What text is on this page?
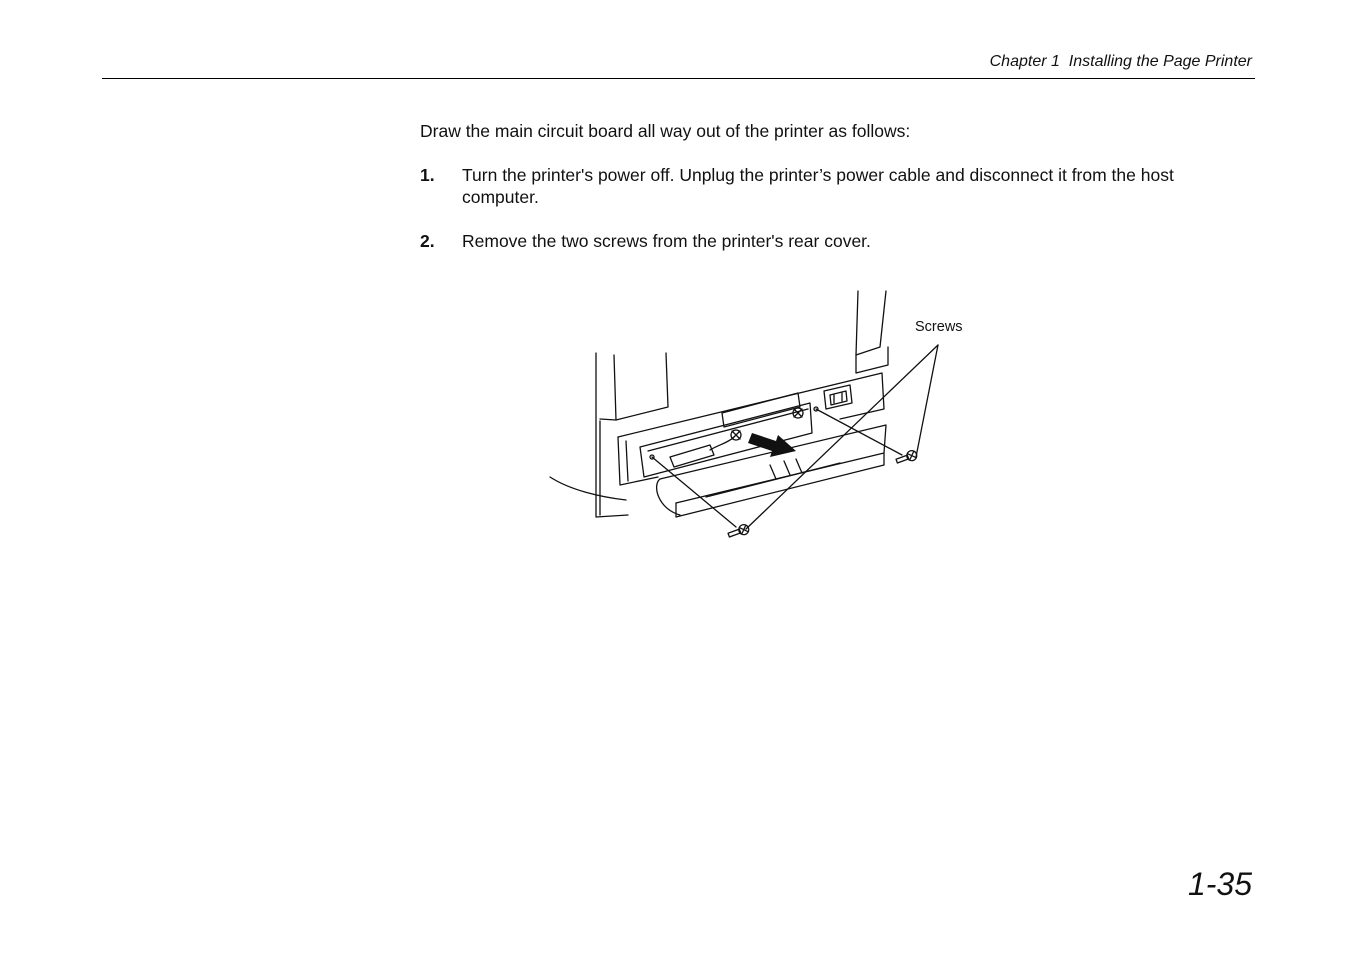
Chapter 1  Installing the Page Printer
Draw the main circuit board all way out of the printer as follows:
1. Turn the printer's power off. Unplug the printer’s power cable and disconnect it from the host computer.
2. Remove the two screws from the printer's rear cover.
Screws
1-35
